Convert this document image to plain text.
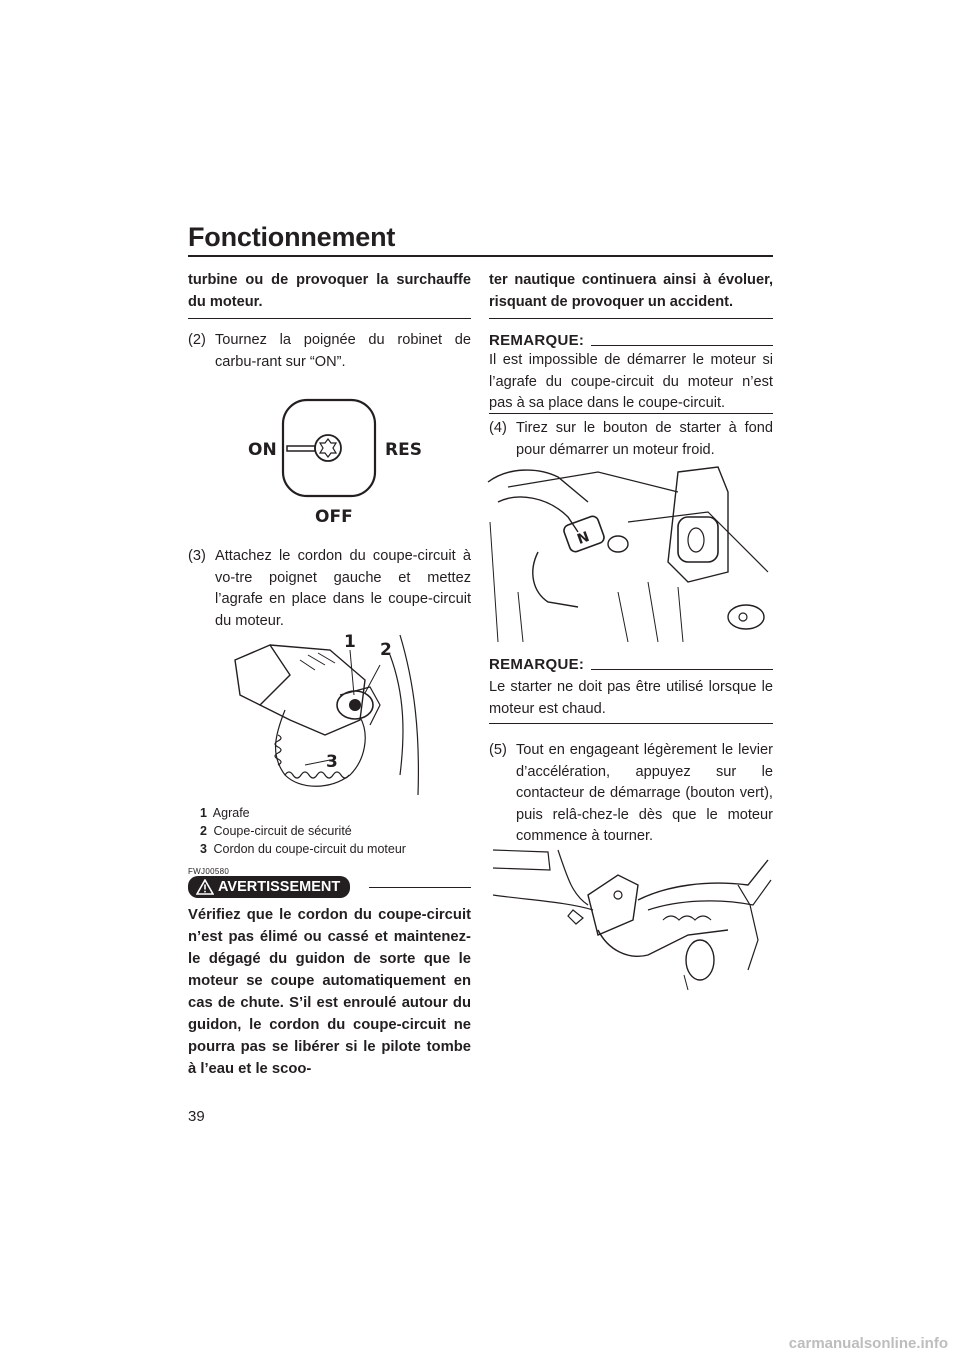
Fonctionnement
turbine ou de provoquer la surchauffe du moteur.
(2) Tournez la poignée du robinet de carbu-rant sur “ON”.
ON	RES
OFF
(3) Attachez le cordon du coupe-circuit à vo-tre poignet gauche et mettez l’agrafe en place dans le coupe-circuit du moteur.
1 2
3
1 Agrafe
2 Coupe-circuit de sécurité
3 Cordon du coupe-circuit du moteur
FWJ00580
AVERTISSEMENT
Vérifiez que le cordon du coupe-circuit n’est pas élimé ou cassé et maintenez-le dégagé du guidon de sorte que le moteur se coupe automatiquement en cas de chute. S’il est enroulé autour du guidon, le cordon du coupe-circuit ne pourra pas se libérer si le pilote tombe à l’eau et le scoo-
ter nautique continuera ainsi à évoluer, risquant de provoquer un accident.
REMARQUE:
Il est impossible de démarrer le moteur si l’agrafe du coupe-circuit du moteur n’est pas à sa place dans le coupe-circuit.
(4) Tirez sur le bouton de starter à fond pour démarrer un moteur froid.
N
REMARQUE:
Le starter ne doit pas être utilisé lorsque le moteur est chaud.
(5) Tout en engageant légèrement le levier d’accélération, appuyez sur le contacteur de démarrage (bouton vert), puis relâ-chez-le dès que le moteur commence à tourner.
39
carmanualsonline.info
